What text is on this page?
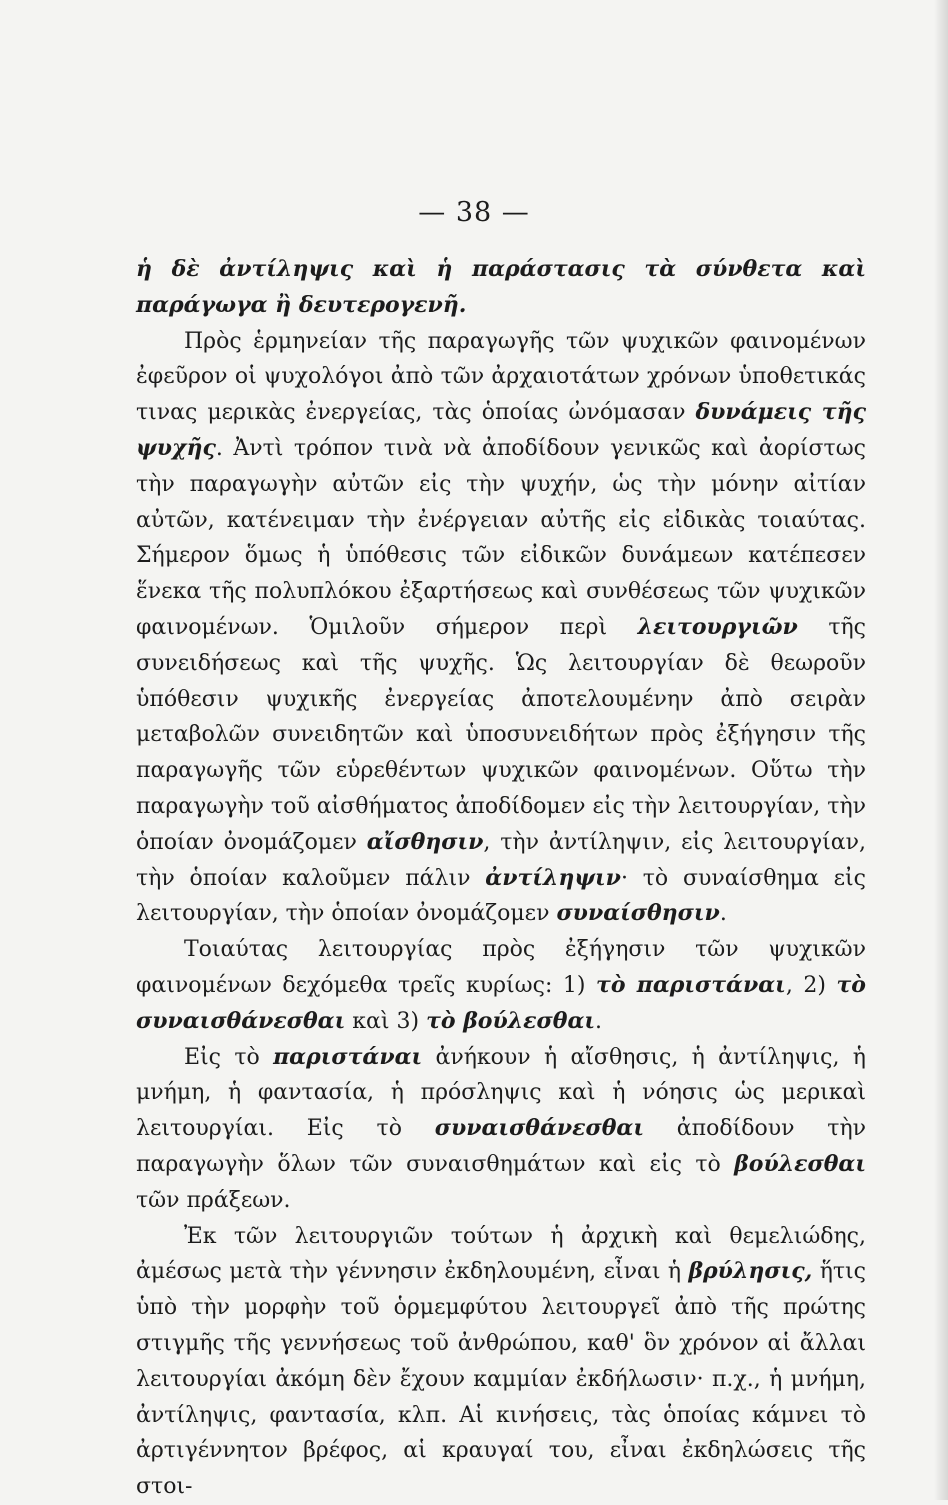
— 38 —

ἡ δὲ ἀντίληψις καὶ ἡ παράστασις τὰ σύνθετα καὶ παράγωγα ἢ δευτερογενῆ.

Πρὸς ἑρμηνείαν τῆς παραγωγῆς τῶν ψυχικῶν φαινομένων ἐφεῦρον οἱ ψυχολόγοι ἀπὸ τῶν ἀρχαιοτάτων χρόνων ὑποθετικάς τινας μερικὰς ἐνεργείας, τὰς ὁποίας ὠνόμασαν δυνάμεις τῆς ψυχῆς. Ἀντὶ τρόπον τινὰ νὰ ἀποδίδουν γενικῶς καὶ ἀορίστως τὴν παραγωγὴν αὐτῶν εἰς τὴν ψυχήν, ὡς τὴν μόνην αἰτίαν αὐτῶν, κατένειμαν τὴν ἐνέργειαν αὐτῆς εἰς εἰδικὰς τοιαύτας. Σήμερον ὅμως ἡ ὑπόθεσις τῶν εἰδικῶν δυνάμεων κατέπεσεν ἕνεκα τῆς πολυπλόκου ἐξαρτήσεως καὶ συνθέσεως τῶν ψυχικῶν φαινομένων. Ὁμιλοῦν σήμερον περὶ λειτουργιῶν τῆς συνειδήσεως καὶ τῆς ψυχῆς. Ὡς λειτουργίαν δὲ θεωροῦν ὑπόθεσιν ψυχικῆς ἐνεργείας ἀποτελουμένην ἀπὸ σειρὰν μεταβολῶν συνειδητῶν καὶ ὑποσυνειδήτων πρὸς ἐξήγησιν τῆς παραγωγῆς τῶν εὑρεθέντων ψυχικῶν φαινομένων. Οὕτω τὴν παραγωγὴν τοῦ αἰσθήματος ἀποδίδομεν εἰς τὴν λειτουργίαν, τὴν ὁποίαν ὀνομάζομεν αἴσθησιν, τὴν ἀντίληψιν, εἰς λειτουργίαν, τὴν ὁποίαν καλοῦμεν πάλιν ἀντίληψιν· τὸ συναίσθημα εἰς λειτουργίαν, τὴν ὁποίαν ὀνομάζομεν συναίσθησιν.

Τοιαύτας λειτουργίας πρὸς ἐξήγησιν τῶν ψυχικῶν φαινομένων δεχόμεθα τρεῖς κυρίως: 1) τὸ παριστάναι, 2) τὸ συναισθάνεσθαι καὶ 3) τὸ βούλεσθαι.

Εἰς τὸ παριστάναι ἀνήκουν ἡ αἴσθησις, ἡ ἀντίληψις, ἡ μνήμη, ἡ φαντασία, ἡ πρόσληψις καὶ ἡ νόησις ὡς μερικαὶ λειτουργίαι. Εἰς τὸ συναισθάνεσθαι ἀποδίδουν τὴν παραγωγὴν ὅλων τῶν συναισθημάτων καὶ εἰς τὸ βούλεσθαι τῶν πράξεων.

Ἐκ τῶν λειτουργιῶν τούτων ἡ ἀρχικὴ καὶ θεμελιώδης, ἀμέσως μετὰ τὴν γέννησιν ἐκδηλουμένη, εἶναι ἡ βρύλησις, ἥτις ὑπὸ τὴν μορφὴν τοῦ ὁρμεμφύτου λειτουργεῖ ἀπὸ τῆς πρώτης στιγμῆς τῆς γεννήσεως τοῦ ἀνθρώπου, καθ' ὃν χρόνον αἱ ἄλλαι λειτουργίαι ἀκόμη δὲν ἔχουν καμμίαν ἐκδήλωσιν· π.χ., ἡ μνήμη, ἀντίληψις, φαντασία, κλπ. Αἱ κινήσεις, τὰς ὁποίας κάμνει τὸ ἀρτιγέννητον βρέφος, αἱ κραυγαί του, εἶναι ἐκδηλώσεις τῆς στοι-
